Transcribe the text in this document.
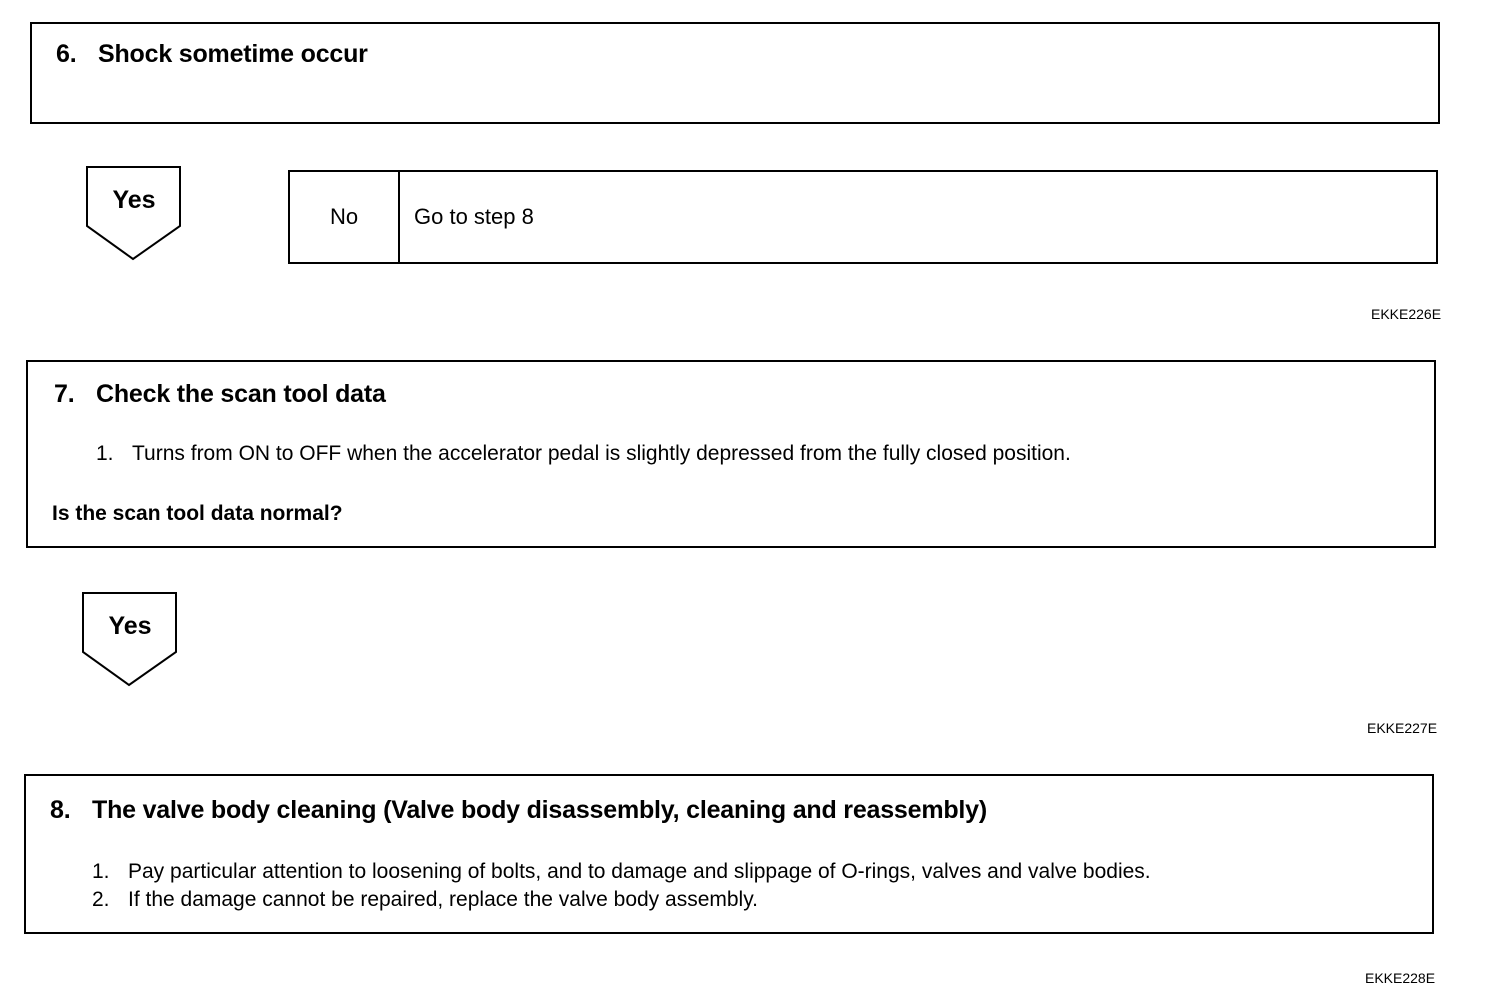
6. Shock sometime occur
Yes
No	Go to step 8
EKKE226E
7. Check the scan tool data
1. Turns from ON to OFF when the accelerator pedal is slightly depressed from the fully closed position.
Is the scan tool data normal?
Yes
EKKE227E
8. The valve body cleaning (Valve body disassembly, cleaning and reassembly)
1. Pay particular attention to loosening of bolts, and to damage and slippage of O-rings, valves and valve bodies.
2. If the damage cannot be repaired, replace the valve body assembly.
EKKE228E
